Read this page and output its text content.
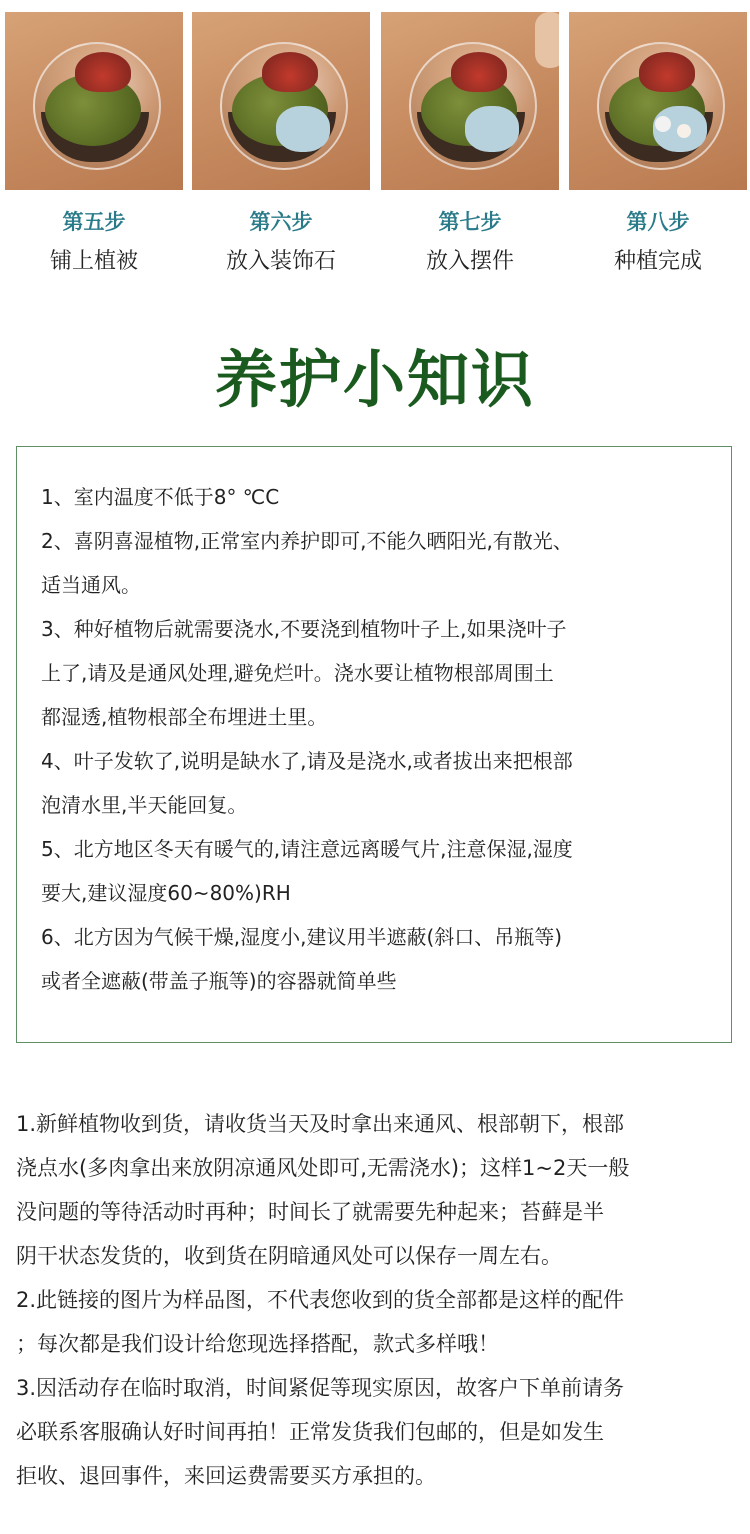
第五步
铺上植被
第六步
放入装饰石
第七步
放入摆件
第八步
种植完成
养护小知识
1、室内温度不低于8° ℃C
2、喜阴喜湿植物,正常室内养护即可,不能久晒阳光,有散光、
适当通风。
3、种好植物后就需要浇水,不要浇到植物叶子上,如果浇叶子
上了,请及是通风处理,避免烂叶。浇水要让植物根部周围土
都湿透,植物根部全布埋进土里。
4、叶子发软了,说明是缺水了,请及是浇水,或者拔出来把根部
泡清水里,半天能回复。
5、北方地区冬天有暖气的,请注意远离暖气片,注意保湿,湿度
要大,建议湿度60~80%)RH
6、北方因为气候干燥,湿度小,建议用半遮蔽(斜口、吊瓶等)
或者全遮蔽(带盖子瓶等)的容器就简单些
1.新鲜植物收到货，请收货当天及时拿出来通风、根部朝下，根部
浇点水(多肉拿出来放阴凉通风处即可,无需浇水)；这样1~2天一般
没问题的等待活动时再种；时间长了就需要先种起来；苔藓是半
阴干状态发货的，收到货在阴暗通风处可以保存一周左右。
2.此链接的图片为样品图，不代表您收到的货全部都是这样的配件
；每次都是我们设计给您现选择搭配，款式多样哦！
3.因活动存在临时取消，时间紧促等现实原因，故客户下单前请务
必联系客服确认好时间再拍！正常发货我们包邮的，但是如发生
拒收、退回事件，来回运费需要买方承担的。
